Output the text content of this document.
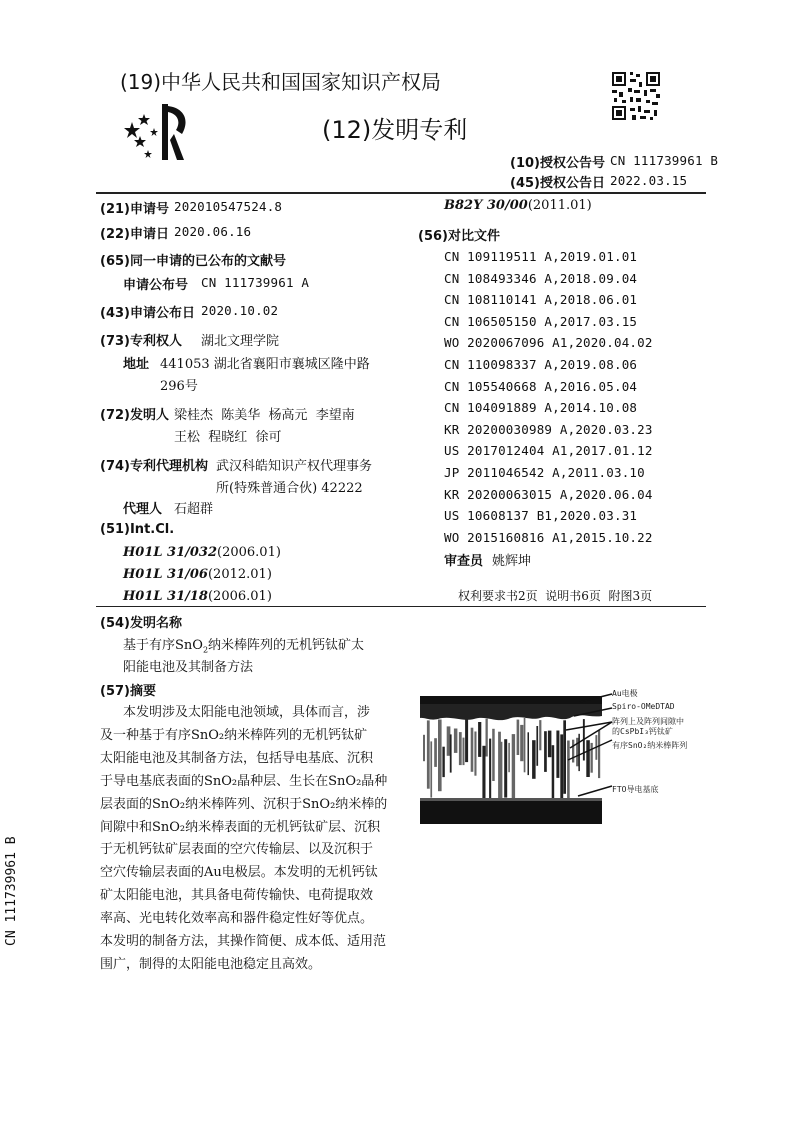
(19)中华人民共和国国家知识产权局
(12)发明专利
(10)授权公告号 CN 111739961 B
(45)授权公告日 2022.03.15
(21)申请号 202010547524.8
(22)申请日 2020.06.16
(65)同一申请的已公布的文献号
申请公布号 CN 111739961 A
(43)申请公布日 2020.10.02
(73)专利权人 湖北文理学院
地址 441053 湖北省襄阳市襄城区隆中路
296号
(72)发明人 梁桂杰  陈美华  杨高元  李望南
王松  程晓红  徐可
(74)专利代理机构 武汉科皓知识产权代理事务
所(特殊普通合伙) 42222
代理人 石超群
(51)Int.Cl.
H01L 31/032(2006.01)
H01L 31/06(2012.01)
H01L 31/18(2006.01)
B82Y 30/00(2011.01)
(56)对比文件
CN 109119511 A,2019.01.01
CN 108493346 A,2018.09.04
CN 108110141 A,2018.06.01
CN 106505150 A,2017.03.15
WO 2020067096 A1,2020.04.02
CN 110098337 A,2019.08.06
CN 105540668 A,2016.05.04
CN 104091889 A,2014.10.08
KR 20200030989 A,2020.03.23
US 2017012404 A1,2017.01.12
JP 2011046542 A,2011.03.10
KR 20200063015 A,2020.06.04
US 10608137 B1,2020.03.31
WO 2015160816 A1,2015.10.22
审查员 姚辉坤
权利要求书2页  说明书6页  附图3页
(54)发明名称
基于有序SnO$_2$纳米棒阵列的无机钙钛矿太
阳能电池及其制备方法
(57)摘要
本发明涉及太阳能电池领域，具体而言，涉
及一种基于有序SnO₂纳米棒阵列的无机钙钛矿
太阳能电池及其制备方法，包括导电基底、沉积
于导电基底表面的SnO₂晶种层、生长在SnO₂晶种
层表面的SnO₂纳米棒阵列、沉积于SnO₂纳米棒的
间隙中和SnO₂纳米棒表面的无机钙钛矿层、沉积
于无机钙钛矿层表面的空穴传输层、以及沉积于
空穴传输层表面的Au电极层。本发明的无机钙钛
矿太阳能电池，其具备电荷传输快、电荷提取效
率高、光电转化效率高和器件稳定性好等优点。
本发明的制备方法，其操作简便、成本低、适用范
围广，制得的太阳能电池稳定且高效。
Au电极
Spiro-OMeDTAD
阵列上及阵列间隙中
的CsPbI₃钙钛矿
有序SnO₂纳米棒阵列
FTO导电基底
CN 111739961 B
